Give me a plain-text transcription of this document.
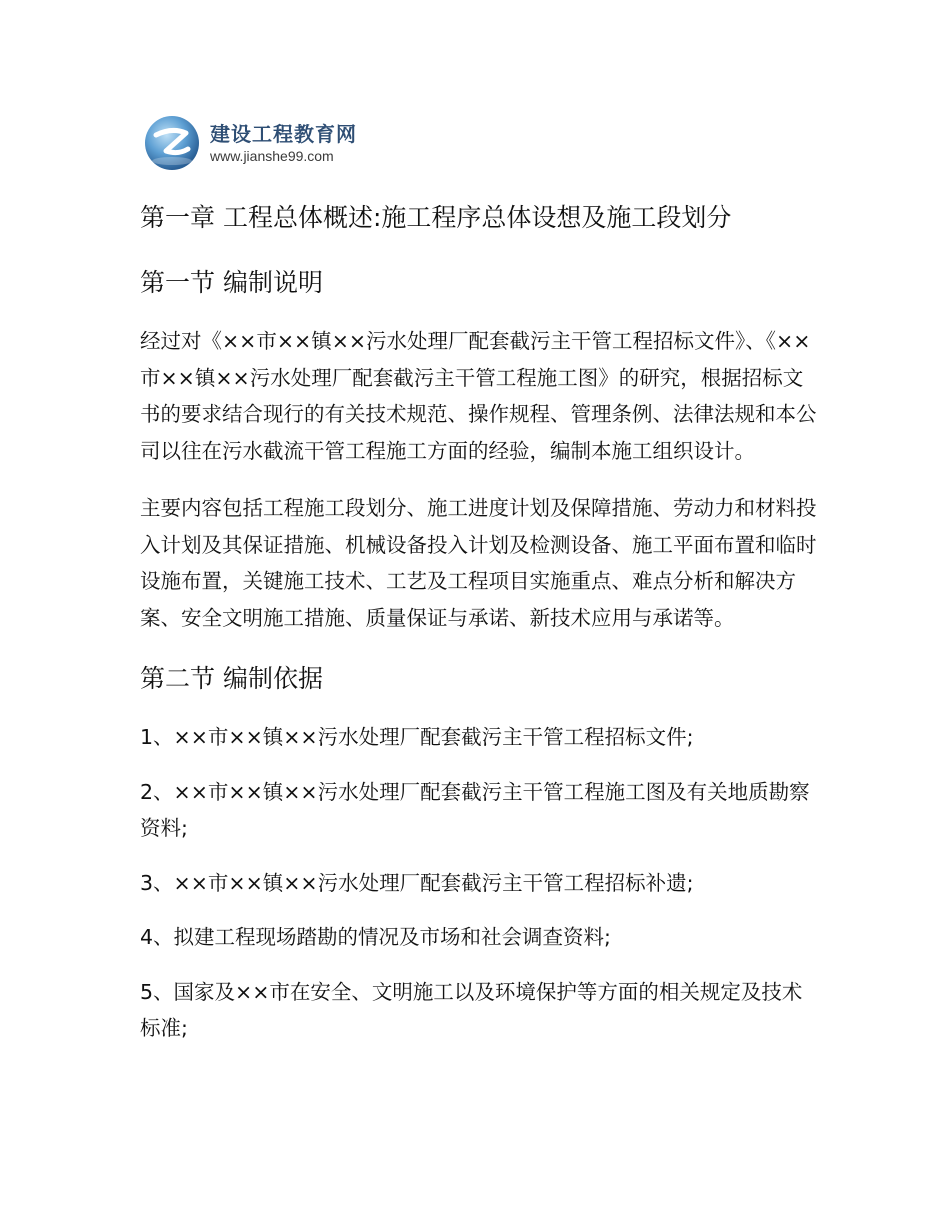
建设工程教育网
www.jianshe99.com
第一章 工程总体概述:施工程序总体设想及施工段划分
第一节 编制说明

经过对《××市××镇××污水处理厂配套截污主干管工程招标文件》、《××市××镇××污水处理厂配套截污主干管工程施工图》的研究，根据招标文书的要求结合现行的有关技术规范、操作规程、管理条例、法律法规和本公司以往在污水截流干管工程施工方面的经验，编制本施工组织设计。

主要内容包括工程施工段划分、施工进度计划及保障措施、劳动力和材料投入计划及其保证措施、机械设备投入计划及检测设备、施工平面布置和临时设施布置，关键施工技术、工艺及工程项目实施重点、难点分析和解决方案、安全文明施工措施、质量保证与承诺、新技术应用与承诺等。

第二节 编制依据

1、××市××镇××污水处理厂配套截污主干管工程招标文件;

2、××市××镇××污水处理厂配套截污主干管工程施工图及有关地质勘察资料;

3、××市××镇××污水处理厂配套截污主干管工程招标补遗;

4、拟建工程现场踏勘的情况及市场和社会调查资料;

5、国家及××市在安全、文明施工以及环境保护等方面的相关规定及技术标准;
